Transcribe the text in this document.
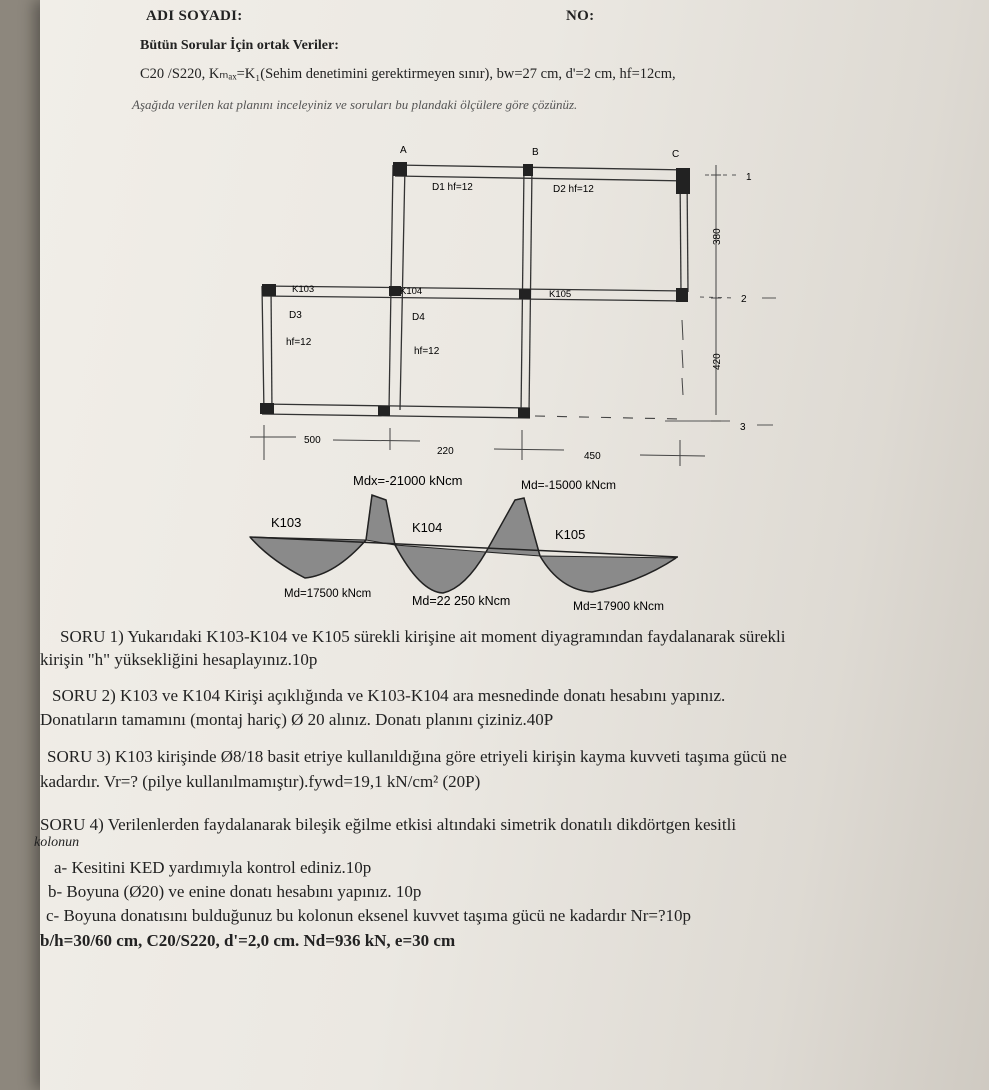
ADI SOYADI:	NO:
Bütün Sorular İçin ortak Veriler:
C20 /S220, Kₘₐₓ=K₁(Sehim denetimini gerektirmeyen sınır), bw=27 cm, d'=2 cm, hf=12cm,
Aşağıda verilen kat planını inceleyiniz ve soruları bu plandaki ölçülere göre çözünüz.
A	B	C
D1 hf=12	D2 hf=12
D3
hf=12
D4
hf=12
K103	K104	K105
1
2
3
380
420
500
220	450
Mdx=-21000 kNcm	Md=-15000 kNcm
K103	K104	K105
Md=17500 kNcm	Md=22 250 kNcm	Md=17900 kNcm
SORU 1) Yukarıdaki K103-K104 ve K105 sürekli kirişine ait moment diyagramından faydalanarak sürekli
kirişin "h" yüksekliğini hesaplayınız.10p
SORU 2) K103 ve K104 Kirişi açıklığında ve K103-K104 ara mesnedinde donatı hesabını yapınız.
Donatıların tamamını (montaj hariç) Ø 20 alınız. Donatı planını çiziniz.40P
SORU 3) K103 kirişinde Ø8/18 basit etriye kullanıldığına göre etriyeli kirişin kayma kuvveti taşıma gücü ne
kadardır. Vr=? (pilye kullanılmamıştır).fywd=19,1 kN/cm² (20P)
SORU 4) Verilenlerden faydalanarak bileşik eğilme etkisi altındaki simetrik donatılı dikdörtgen kesitli
kolonun
a- Kesitini KED yardımıyla kontrol ediniz.10p
b- Boyuna (Ø20) ve enine donatı hesabını yapınız. 10p
c- Boyuna donatısını bulduğunuz bu kolonun eksenel kuvvet taşıma gücü ne kadardır Nr=?10p
b/h=30/60 cm, C20/S220, d'=2,0 cm. Nd=936 kN, e=30 cm
